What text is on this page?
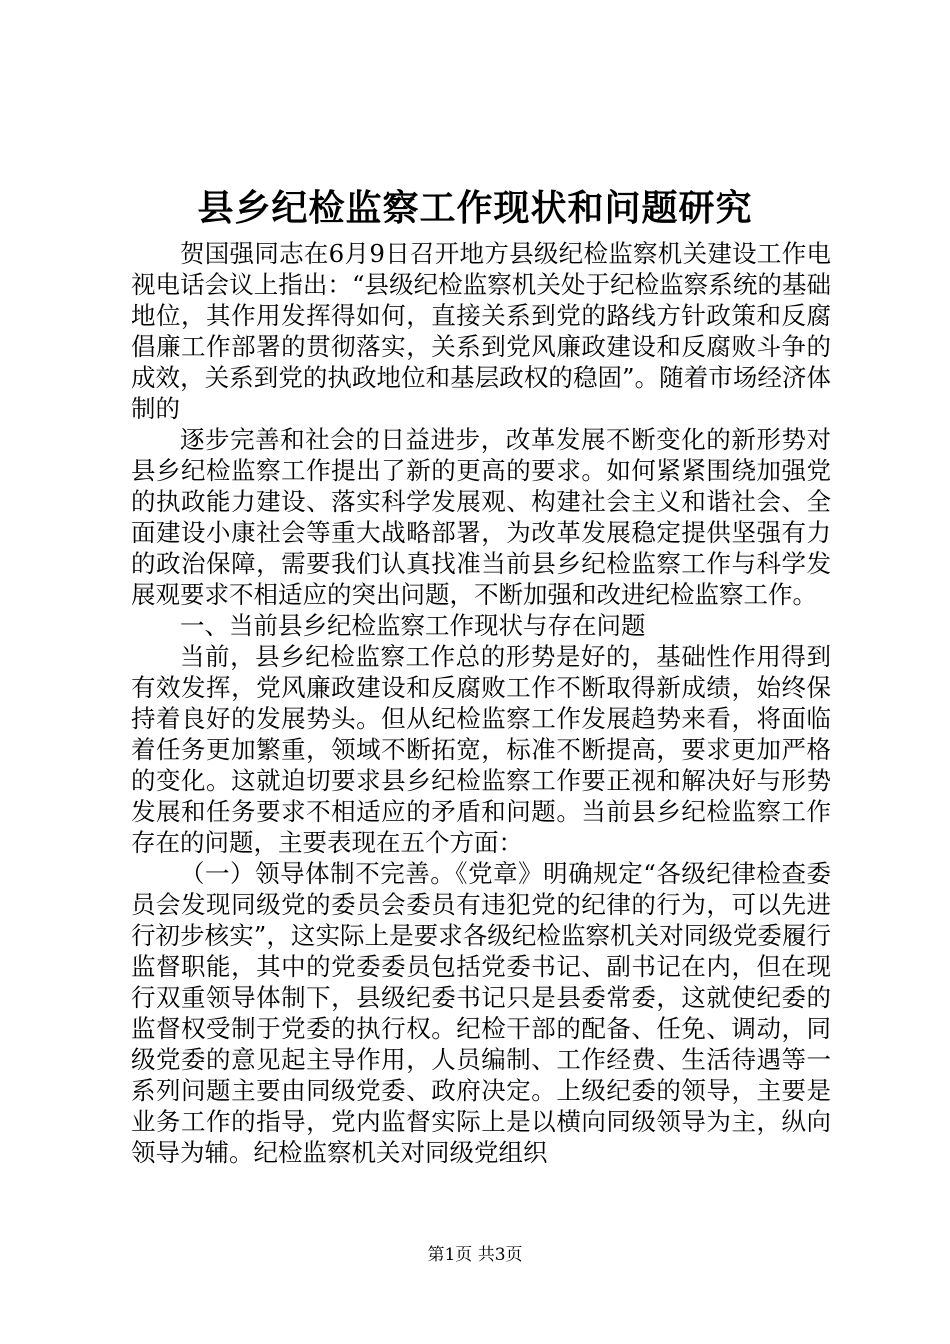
县乡纪检监察工作现状和问题研究

贺国强同志在6月9日召开地方县级纪检监察机关建设工作电视电话会议上指出：“县级纪检监察机关处于纪检监察系统的基础地位，其作用发挥得如何，直接关系到党的路线方针政策和反腐倡廉工作部署的贯彻落实，关系到党风廉政建设和反腐败斗争的成效，关系到党的执政地位和基层政权的稳固”。随着市场经济体制的

逐步完善和社会的日益进步，改革发展不断变化的新形势对县乡纪检监察工作提出了新的更高的要求。如何紧紧围绕加强党的执政能力建设、落实科学发展观、构建社会主义和谐社会、全面建设小康社会等重大战略部署，为改革发展稳定提供坚强有力的政治保障，需要我们认真找准当前县乡纪检监察工作与科学发展观要求不相适应的突出问题，不断加强和改进纪检监察工作。

一、当前县乡纪检监察工作现状与存在问题

当前，县乡纪检监察工作总的形势是好的，基础性作用得到有效发挥，党风廉政建设和反腐败工作不断取得新成绩，始终保持着良好的发展势头。但从纪检监察工作发展趋势来看，将面临着任务更加繁重，领域不断拓宽，标准不断提高，要求更加严格的变化。这就迫切要求县乡纪检监察工作要正视和解决好与形势发展和任务要求不相适应的矛盾和问题。当前县乡纪检监察工作存在的问题，主要表现在五个方面：

（一）领导体制不完善。《党章》明确规定“各级纪律检查委员会发现同级党的委员会委员有违犯党的纪律的行为，可以先进行初步核实”，这实际上是要求各级纪检监察机关对同级党委履行监督职能，其中的党委委员包括党委书记、副书记在内，但在现行双重领导体制下，县级纪委书记只是县委常委，这就使纪委的监督权受制于党委的执行权。纪检干部的配备、任免、调动，同级党委的意见起主导作用，人员编制、工作经费、生活待遇等一系列问题主要由同级党委、政府决定。上级纪委的领导，主要是业务工作的指导，党内监督实际上是以横向同级领导为主，纵向领导为辅。纪检监察机关对同级党组织

第1页 共3页
